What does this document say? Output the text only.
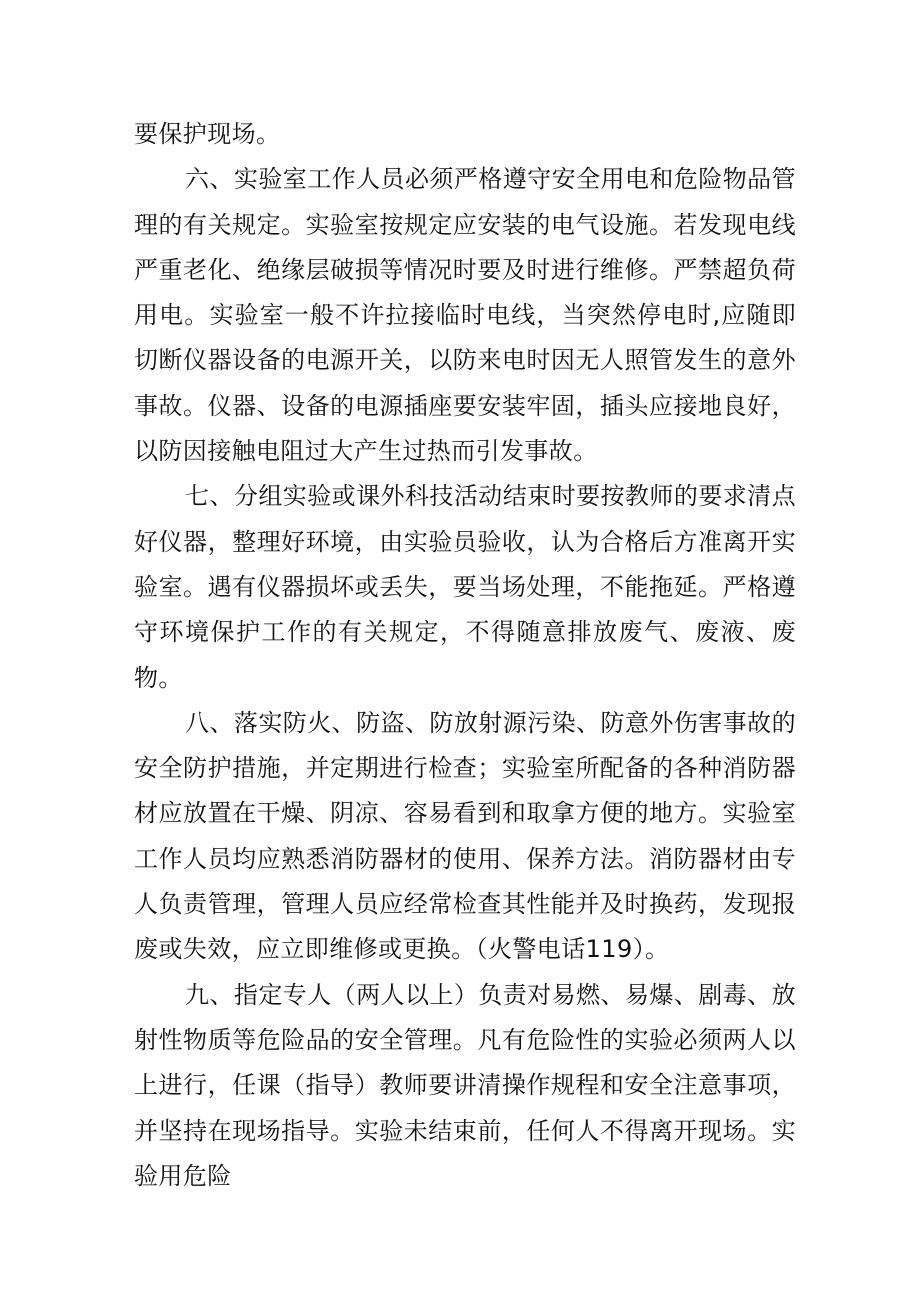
要保护现场。

六、实验室工作人员必须严格遵守安全用电和危险物品管理的有关规定。实验室按规定应安装的电气设施。若发现电线严重老化、绝缘层破损等情况时要及时进行维修。严禁超负荷用电。实验室一般不许拉接临时电线，当突然停电时,应随即切断仪器设备的电源开关，以防来电时因无人照管发生的意外事故。仪器、设备的电源插座要安装牢固，插头应接地良好，以防因接触电阻过大产生过热而引发事故。

七、分组实验或课外科技活动结束时要按教师的要求清点好仪器，整理好环境，由实验员验收，认为合格后方准离开实验室。遇有仪器损坏或丢失，要当场处理，不能拖延。严格遵守环境保护工作的有关规定，不得随意排放废气、废液、废物。

八、落实防火、防盗、防放射源污染、防意外伤害事故的安全防护措施，并定期进行检查；实验室所配备的各种消防器材应放置在干燥、阴凉、容易看到和取拿方便的地方。实验室工作人员均应熟悉消防器材的使用、保养方法。消防器材由专人负责管理，管理人员应经常检查其性能并及时换药，发现报废或失效，应立即维修或更换。（火警电话119）。

九、指定专人（两人以上）负责对易燃、易爆、剧毒、放射性物质等危险品的安全管理。凡有危险性的实验必须两人以上进行，任课（指导）教师要讲清操作规程和安全注意事项，并坚持在现场指导。实验未结束前，任何人不得离开现场。实验用危险
